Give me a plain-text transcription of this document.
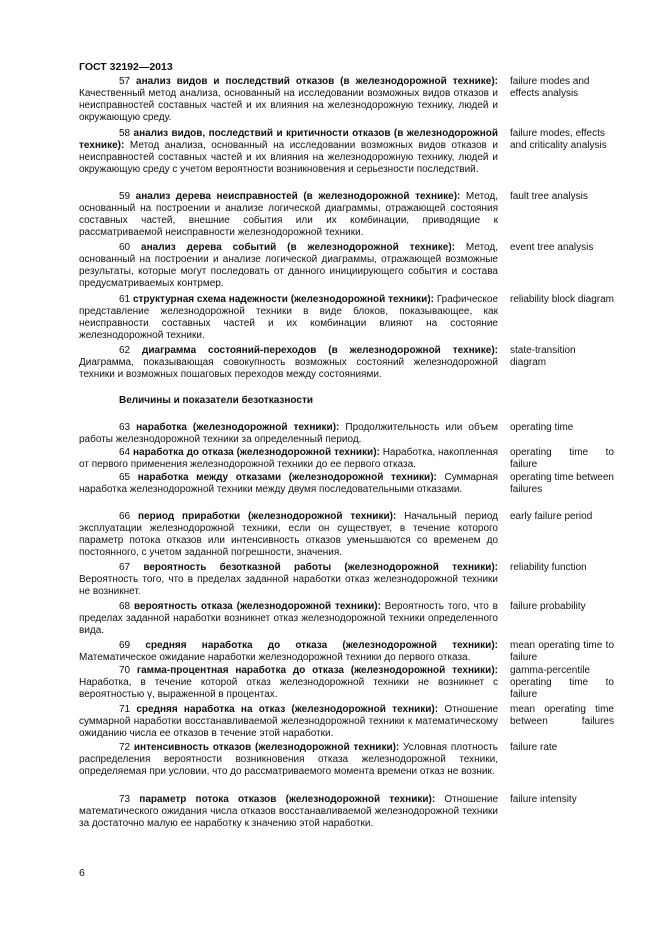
ГОСТ 32192—2013

57 анализ видов и последствий отказов (в железнодорожной технике): Качественный метод анализа, основанный на исследовании возможных видов отказов и неисправностей составных частей и их влияния на железнодорожную технику, людей и окружающую среду.

failure modes and effects analysis

58 анализ видов, последствий и критичности отказов (в железнодорожной технике): Метод анализа, основанный на исследовании возможных видов отказов и неисправностей составных частей и их влияния на железнодорожную технику, людей и окружающую среду с учетом вероятности возникновения и серьезности последствий.

failure modes, effects and criticality analysis

59 анализ дерева неисправностей (в железнодорожной технике): Метод, основанный на построении и анализе логической диаграммы, отражающей состояния составных частей, внешние события или их комбинации, приводящие к рассматриваемой неисправности железнодорожной техники.

fault tree analysis

60 анализ дерева событий (в железнодорожной технике): Метод, основанный на построении и анализе логической диаграммы, отражающей возможные результаты, которые могут последовать от данного инициирующего события и состава предусматриваемых контрмер.

event tree analysis

61 структурная схема надежности (железнодорожной техники): Графическое представление железнодорожной техники в виде блоков, показывающее, как неисправности составных частей и их комбинации влияют на состояние железнодорожной техники.

reliability block diagram

62 диаграмма состояний-переходов (в железнодорожной технике): Диаграмма, показывающая совокупность возможных состояний железнодорожной техники и возможных пошаговых переходов между состояниями.

state-transition diagram

Величины и показатели безотказности

63 наработка (железнодорожной техники): Продолжительность или объем работы железнодорожной техники за определенный период.

operating time

64 наработка до отказа (железнодорожной техники): Наработка, накопленная от первого применения железнодорожной техники до ее первого отказа.

operating time to failure

65 наработка между отказами (железнодорожной техники): Суммарная наработка железнодорожной техники между двумя последовательными отказами.

operating time between failures

66 период приработки (железнодорожной техники): Начальный период эксплуатации железнодорожной техники, если он существует, в течение которого параметр потока отказов или интенсивность отказов уменьшаются со временем до постоянного, с учетом заданной погрешности, значения.

early failure period

67 вероятность безотказной работы (железнодорожной техники): Вероятность того, что в пределах заданной наработки отказ железнодорожной техники не возникнет.

reliability function

68 вероятность отказа (железнодорожной техники): Вероятность того, что в пределах заданной наработки возникнет отказ железнодорожной техники определенного вида.

failure probability

69 средняя наработка до отказа (железнодорожной техники): Математическое ожидание наработки железнодорожной техники до первого отказа.

mean operating time to failure

70 гамма-процентная наработка до отказа (железнодорожной техники): Наработка, в течение которой отказ железнодорожной техники не возникнет с вероятностью γ, выраженной в процентах.

gamma-percentile operating time to failure

71 средняя наработка на отказ (железнодорожной техники): Отношение суммарной наработки восстанавливаемой железнодорожной техники к математическому ожиданию числа ее отказов в течение этой наработки.

mean operating time between failures

72 интенсивность отказов (железнодорожной техники): Условная плотность распределения вероятности возникновения отказа железнодорожной техники, определяемая при условии, что до рассматриваемого момента времени отказ не возник.

failure rate

73 параметр потока отказов (железнодорожной техники): Отношение математического ожидания числа отказов восстанавливаемой железнодорожной техники за достаточно малую ее наработку к значению этой наработки.

failure intensity

6
